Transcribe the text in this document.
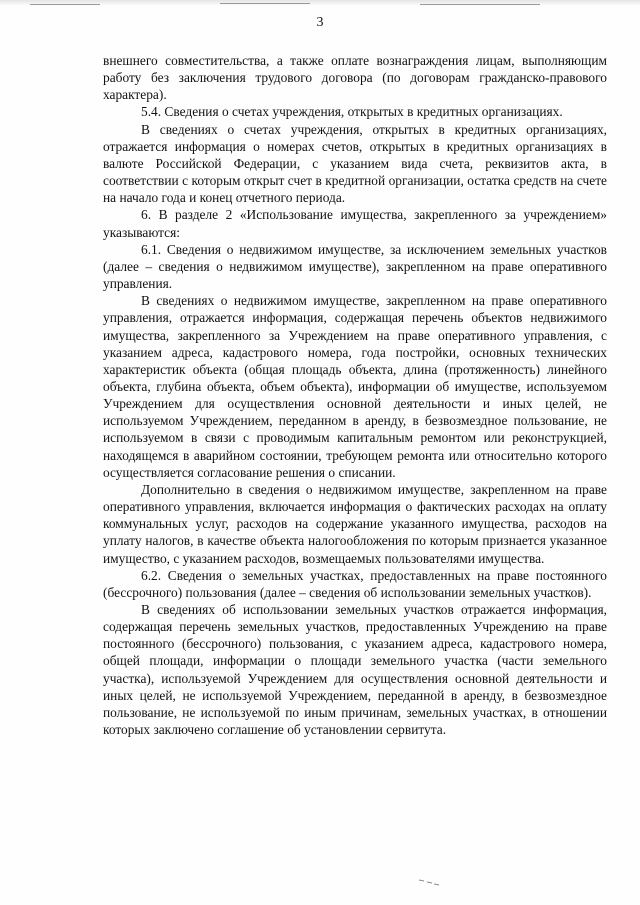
3

внешнего совместительства, а также оплате вознаграждения лицам, выполняющим работу без заключения трудового договора (по договорам гражданско-правового характера).

5.4. Сведения о счетах учреждения, открытых в кредитных организациях.

В сведениях о счетах учреждения, открытых в кредитных организациях, отражается информация о номерах счетов, открытых в кредитных организациях в валюте Российской Федерации, с указанием вида счета, реквизитов акта, в соответствии с которым открыт счет в кредитной организации, остатка средств на счете на начало года и конец отчетного периода.

6. В разделе 2 «Использование имущества, закрепленного за учреждением» указываются:

6.1. Сведения о недвижимом имуществе, за исключением земельных участков (далее – сведения о недвижимом имуществе), закрепленном на праве оперативного управления.

В сведениях о недвижимом имуществе, закрепленном на праве оперативного управления, отражается информация, содержащая перечень объектов недвижимого имущества, закрепленного за Учреждением на праве оперативного управления, с указанием адреса, кадастрового номера, года постройки, основных технических характеристик объекта (общая площадь объекта, длина (протяженность) линейного объекта, глубина объекта, объем объекта), информации об имуществе, используемом Учреждением для осуществления основной деятельности и иных целей, не используемом Учреждением, переданном в аренду, в безвозмездное пользование, не используемом в связи с проводимым капитальным ремонтом или реконструкцией, находящемся в аварийном состоянии, требующем ремонта или относительно которого осуществляется согласование решения о списании.

Дополнительно в сведения о недвижимом имуществе, закрепленном на праве оперативного управления, включается информация о фактических расходах на оплату коммунальных услуг, расходов на содержание указанного имущества, расходов на уплату налогов, в качестве объекта налогообложения по которым признается указанное имущество, с указанием расходов, возмещаемых пользователями имущества.

6.2. Сведения о земельных участках, предоставленных на праве постоянного (бессрочного) пользования (далее – сведения об использовании земельных участков).

В сведениях об использовании земельных участков отражается информация, содержащая перечень земельных участков, предоставленных Учреждению на праве постоянного (бессрочного) пользования, с указанием адреса, кадастрового номера, общей площади, информации о площади земельного участка (части земельного участка), используемой Учреждением для осуществления основной деятельности и иных целей, не используемой Учреждением, переданной в аренду, в безвозмездное пользование, не используемой по иным причинам, земельных участках, в отношении которых заключено соглашение об установлении сервитута.
